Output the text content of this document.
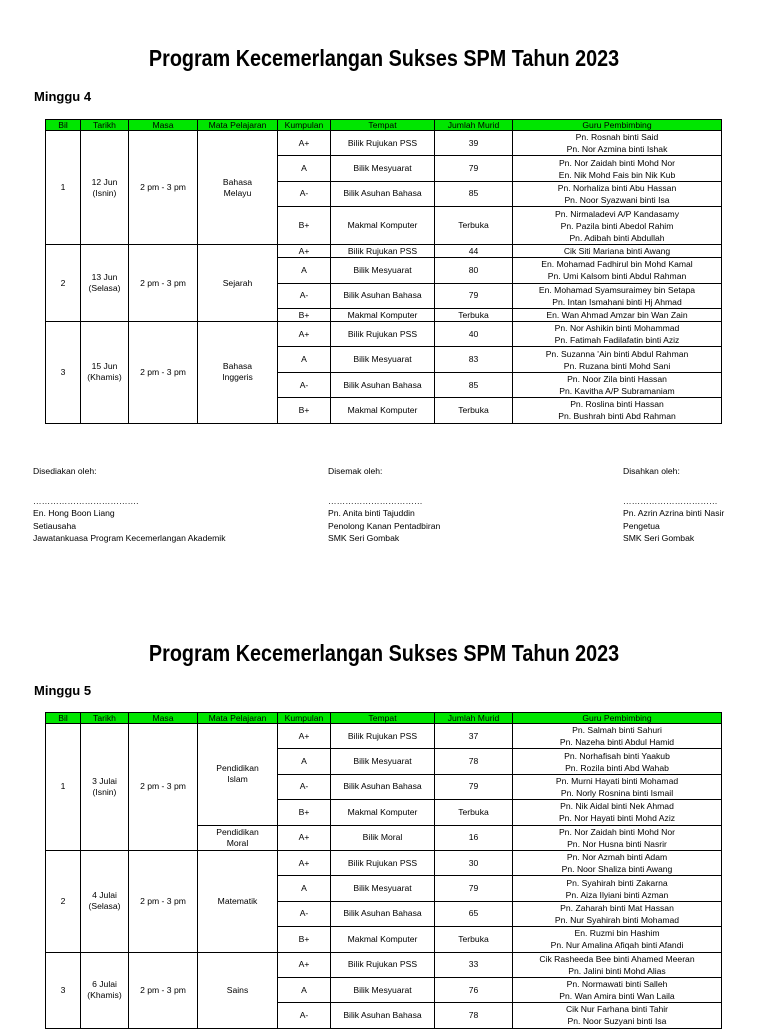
Program Kecemerlangan Sukses SPM Tahun 2023
Minggu 4
Bil	Tarikh	Masa	Mata Pelajaran	Kumpulan	Tempat	Jumlah Murid	Guru Pembimbing
1	12 Jun (Isnin)	2 pm - 3 pm	Bahasa Melayu	A+	Bilik Rujukan PSS	39	Pn. Rosnah binti Said
Pn. Nor Azmina binti Ishak

				A	Bilik Mesyuarat	79	Pn. Nor Zaidah binti Mohd Nor
En. Nik Mohd Fais bin Nik Kub

				A-	Bilik Asuhan Bahasa	85	Pn. Norhaliza binti Abu Hassan
Pn. Noor Syazwani binti Isa

				B+	Makmal Komputer	Terbuka	Pn. Nirmaladevi A/P Kandasamy
Pn. Pazila binti Abedol Rahim
Pn. Adibah binti Abdullah

2	13 Jun (Selasa)	2 pm - 3 pm	Sejarah	A+	Bilik Rujukan PSS	44	Cik Siti Mariana binti Awang

				A	Bilik Mesyuarat	80	En. Mohamad Fadhirul bin Mohd Kamal
Pn. Umi Kalsom binti Abdul Rahman

				A-	Bilik Asuhan Bahasa	79	En. Mohamad Syamsuraimey bin Setapa
Pn. Intan Ismahani binti Hj Ahmad

				B+	Makmal Komputer	Terbuka	En. Wan Ahmad Amzar bin Wan Zain

3	15 Jun (Khamis)	2 pm - 3 pm	Bahasa Inggeris	A+	Bilik Rujukan PSS	40	Pn. Nor Ashikin binti Mohammad
Pn. Fatimah Fadilafatin binti Aziz

				A	Bilik Mesyuarat	83	Pn. Suzanna 'Ain binti Abdul Rahman
Pn. Ruzana binti Mohd Sani

				A-	Bilik Asuhan Bahasa	85	Pn. Noor Zila binti Hassan
Pn. Kavitha A/P Subramaniam

				B+	Makmal Komputer	Terbuka	Pn. Roslina binti Hassan
Pn. Bushrah binti Abd Rahman
Disediakan oleh:
……………………………….
En. Hong Boon Liang
Setiausaha
Jawatankuasa Program Kecemerlangan Akademik
Disemak oleh:
……………………………
Pn. Anita binti Tajuddin
Penolong Kanan Pentadbiran
SMK Seri Gombak
Disahkan oleh:
……………………………
Pn. Azrin Azrina binti Nasir
Pengetua
SMK Seri Gombak
Program Kecemerlangan Sukses SPM Tahun 2023
Minggu 5
Bil	Tarikh	Masa	Mata Pelajaran	Kumpulan	Tempat	Jumlah Murid	Guru Pembimbing
1	3 Julai (Isnin)	2 pm - 3 pm	Pendidikan Islam	A+	Bilik Rujukan PSS	37	Pn. Salmah binti Sahuri
Pn. Nazeha binti Abdul Hamid

				A	Bilik Mesyuarat	78	Pn. Norhafisah binti Yaakub
Pn. Rozila binti Abd Wahab

				A-	Bilik Asuhan Bahasa	79	Pn. Murni Hayati binti Mohamad
Pn. Norly Rosnina binti Ismail

				B+	Makmal Komputer	Terbuka	Pn. Nik Aidal binti Nek Ahmad
Pn. Nor Hayati binti Mohd Aziz

			Pendidikan Moral	A+	Bilik Moral	16	Pn. Nor Zaidah binti Mohd Nor
Pn. Nor Husna binti Nasrir

2	4 Julai (Selasa)	2 pm - 3 pm	Matematik	A+	Bilik Rujukan PSS	30	Pn. Nor Azmah binti Adam
Pn. Noor Shaliza binti Awang

				A	Bilik Mesyuarat	79	Pn. Syahirah binti Zakarna
Pn. Aiza Ilyiani binti Azman

				A-	Bilik Asuhan Bahasa	65	Pn. Zaharah binti Mat Hassan
Pn. Nur Syahirah binti Mohamad

				B+	Makmal Komputer	Terbuka	En. Ruzmi bin Hashim
Pn. Nur Amalina Afiqah binti Afandi

3	6 Julai (Khamis)	2 pm - 3 pm	Sains	A+	Bilik Rujukan PSS	33	Cik Rasheeda Bee binti Ahamed Meeran
Pn. Jalini binti Mohd Alias

				A	Bilik Mesyuarat	76	Pn. Normawati binti Salleh
Pn. Wan Amira binti Wan Laila

				A-	Bilik Asuhan Bahasa	78	Cik Nur Farhana binti Tahir
Pn. Noor Suzyani binti Isa
